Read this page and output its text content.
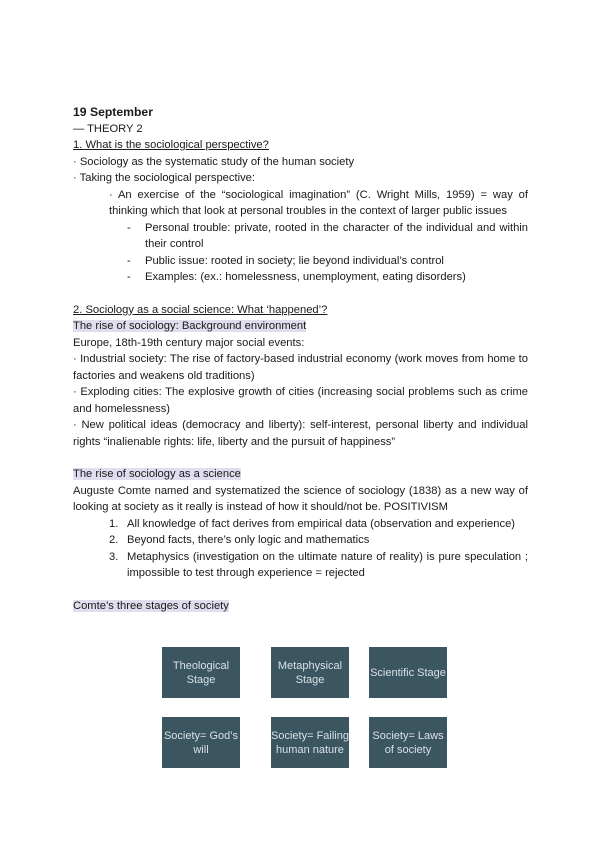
19 September
— THEORY 2
1. What is the sociological perspective?
· Sociology as the systematic study of the human society
· Taking the sociological perspective:
· An exercise of the “sociological imagination” (C. Wright Mills, 1959) = way of thinking which that look at personal troubles in the context of larger public issues
- Personal trouble: private, rooted in the character of the individual and within their control
- Public issue: rooted in society; lie beyond individual’s control
- Examples: (ex.: homelessness, unemployment, eating disorders)
2. Sociology as a social science: What ‘happened’?
The rise of sociology: Background environment
Europe, 18th-19th century major social events:
· Industrial society: The rise of factory-based industrial economy (work moves from home to factories and weakens old traditions)
· Exploding cities: The explosive growth of cities (increasing social problems such as crime and homelessness)
· New political ideas (democracy and liberty): self-interest, personal liberty and individual rights “inalienable rights: life, liberty and the pursuit of happiness”
The rise of sociology as a science
Auguste Comte named and systematized the science of sociology (1838) as a new way of looking at society as it really is instead of how it should/not be. POSITIVISM
1. All knowledge of fact derives from empirical data (observation and experience)
2. Beyond facts, there’s only logic and mathematics
3. Metaphysics (investigation on the ultimate nature of reality) is pure speculation ; impossible to test through experience = rejected
Comte’s three stages of society
Theological Stage
Metaphysical Stage
Scientific Stage
Society= God’s will
Society= Failing human nature
Society= Laws of society
